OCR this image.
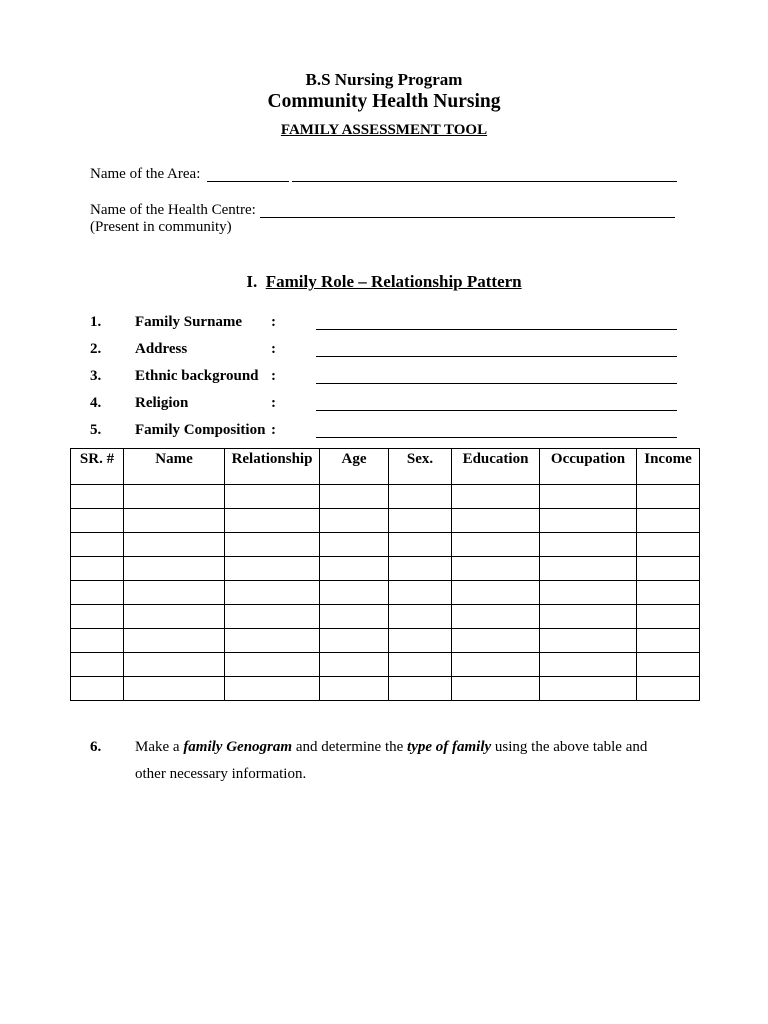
B.S Nursing Program
Community Health Nursing
FAMILY ASSESSMENT TOOL
Name of the Area:
Name of the Health Centre:
(Present in community)
I. Family Role – Relationship Pattern
1. Family Surname :
2. Address	:
3. Ethnic background :
4. Religion	:
5. Family Composition :
SR. #	Name	Relationship	Age	Sex.	Education	Occupation	Income

6. Make a family Genogram and determine the type of family using the above table and other necessary information.
